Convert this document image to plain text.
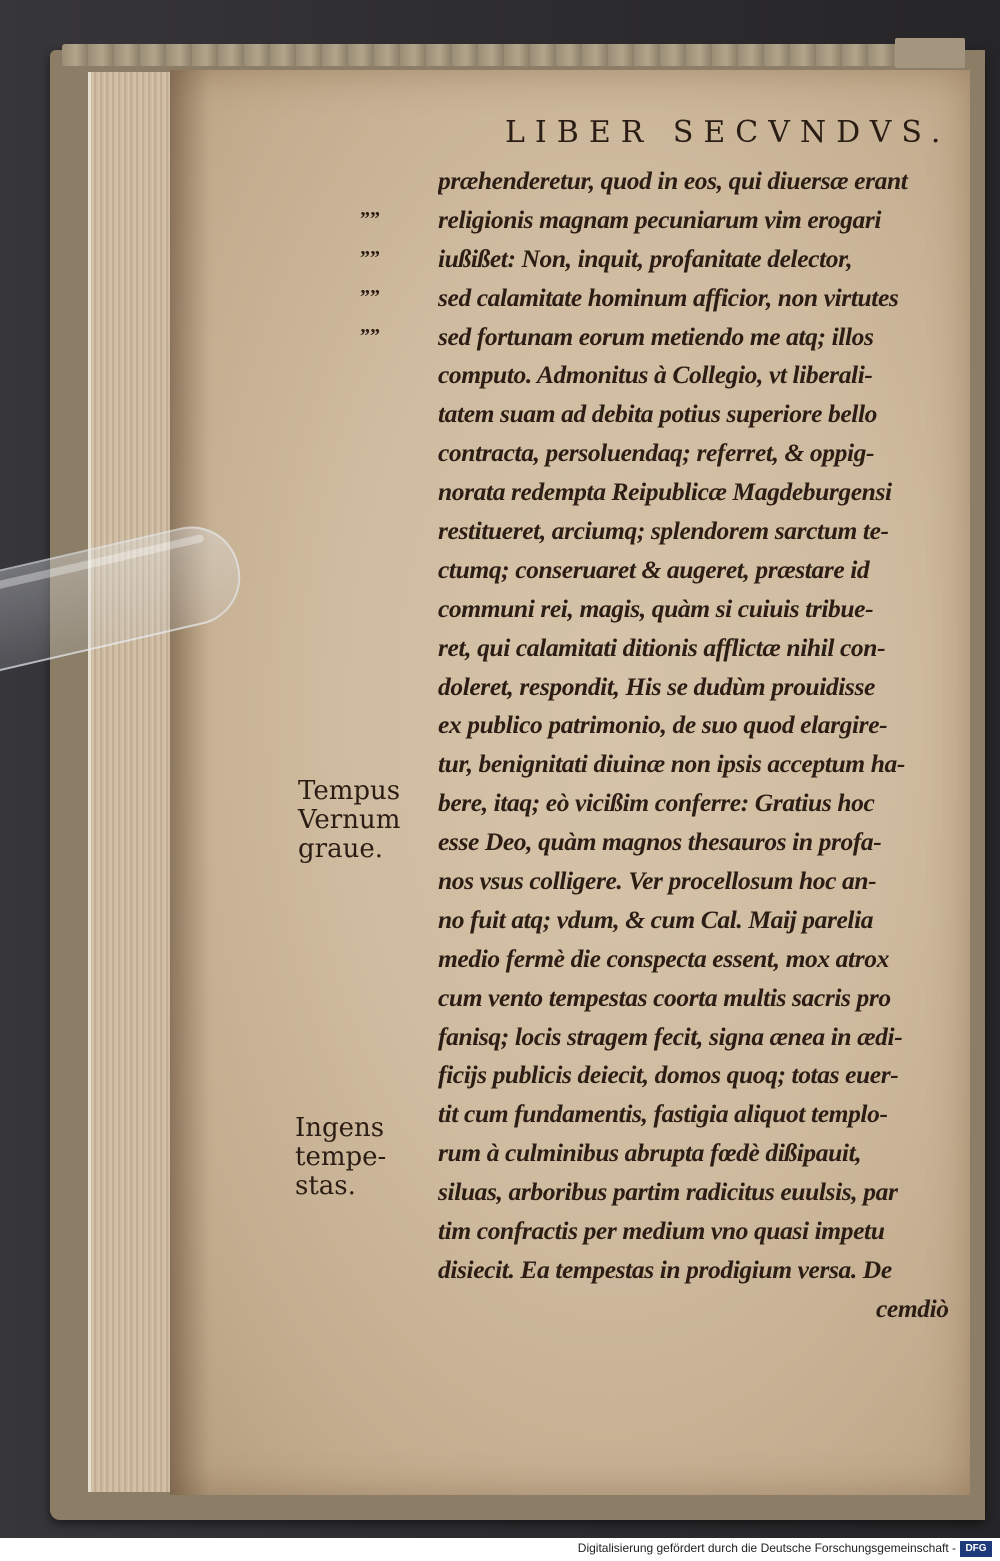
LIBER SECVNDVS.
””
””
””
””
præhenderetur, quod in eos, qui diuersæ erant
religionis magnam pecuniarum vim erogari
iußißet: Non, inquit, profanitate delector,
sed calamitate hominum afficior, non virtutes
sed fortunam eorum metiendo me atq; illos
computo. Admonitus à Collegio, vt liberali-
tatem suam ad debita potius superiore bello
contracta, persoluendaq; referret, & oppig-
norata redempta Reipublicæ Magdeburgensi
restitueret, arciumq; splendorem sarctum te-
ctumq; conseruaret & augeret, præstare id
communi rei, magis, quàm si cuiuis tribue-
ret, qui calamitati ditionis afflictæ nihil con-
doleret, respondit, His se dudùm prouidisse
ex publico patrimonio, de suo quod elargire-
tur, benignitati diuinæ non ipsis acceptum ha-
bere, itaq; eò vicißim conferre: Gratius hoc
esse Deo, quàm magnos thesauros in profa-
nos vsus colligere. Ver procellosum hoc an-
no fuit atq; vdum, & cum Cal. Maij parelia
medio fermè die conspecta essent, mox atrox
cum vento tempestas coorta multis sacris pro
fanisq; locis stragem fecit, signa ænea in ædi-
ficijs publicis deiecit, domos quoq; totas euer-
tit cum fundamentis, fastigia aliquot templo-
rum à culminibus abrupta fœdè dißipauit,
siluas, arboribus partim radicitus euulsis, par
tim confractis per medium vno quasi impetu
disiecit. Ea tempestas in prodigium versa. De
cemdiò
Tempus
Vernum
graue.
Ingens
tempe-
stas.
Digitalisierung gefördert durch die Deutsche Forschungsgemeinschaft - DFG
